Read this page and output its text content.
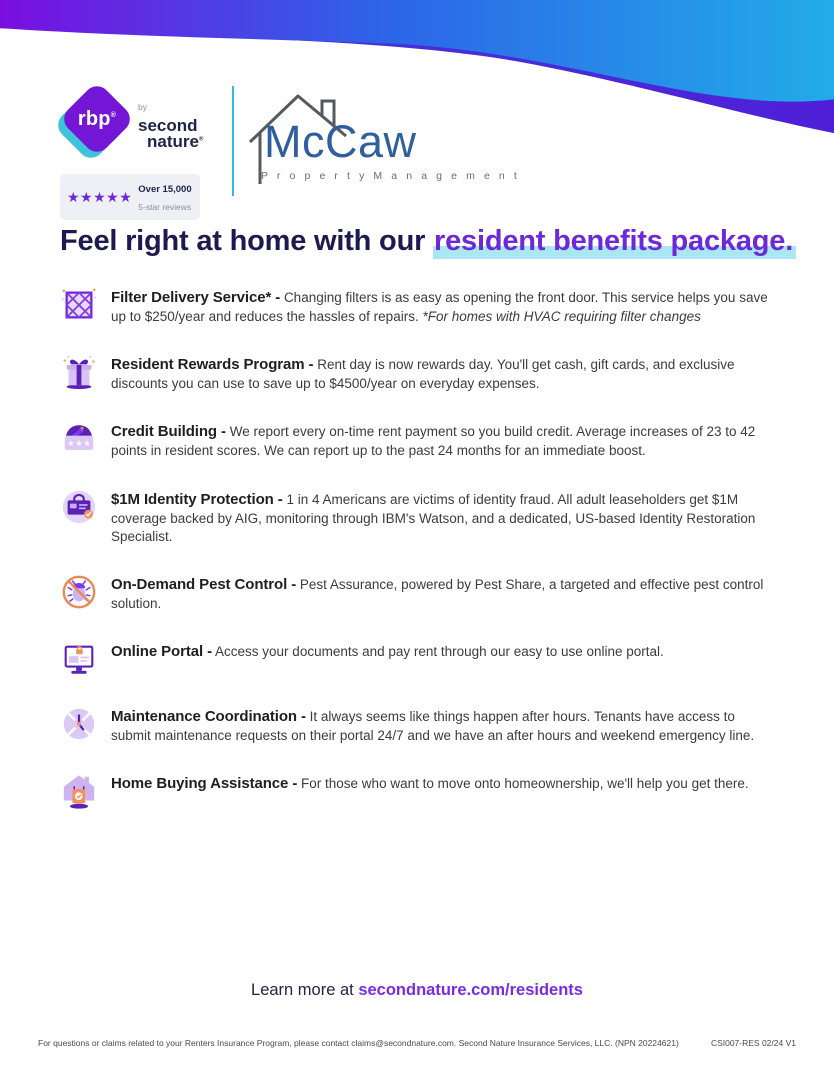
rbp®
by second
nature®
★★★★★ Over 15,000
5-star reviews
McCaw
P r o p e r t y M a n a g e m e n t
Feel right at home with our resident benefits package.

Filter Delivery Service* - Changing filters is as easy as opening the front door. This service helps you save up to $250/year and reduces the hassles of repairs. *For homes with HVAC requiring filter changes

Resident Rewards Program - Rent day is now rewards day. You'll get cash, gift cards, and exclusive discounts you can use to save up to $4500/year on everyday expenses.

★ ★ ★

Credit Building - We report every on-time rent payment so you build credit. Average increases of 23 to 42 points in resident scores. We can report up to the past 24 months for an immediate boost.

$1M Identity Protection - 1 in 4 Americans are victims of identity fraud. All adult leaseholders get $1M coverage backed by AIG, monitoring through IBM's Watson, and a dedicated, US-based Identity Restoration Specialist.

On-Demand Pest Control - Pest Assurance, powered by Pest Share, a targeted and effective pest control solution.

Online Portal - Access your documents and pay rent through our easy to use online portal.

Maintenance Coordination - It always seems like things happen after hours. Tenants have access to submit maintenance requests on their portal 24/7 and we have an after hours and weekend emergency line.

Home Buying Assistance - For those who want to move onto homeownership, we'll help you get there.

Learn more at secondnature.com/residents
For questions or claims related to your Renters Insurance Program, please contact claims@secondnature.com. Second Nature Insurance Services, LLC. (NPN 20224621)	CSI007-RES 02/24 V1
